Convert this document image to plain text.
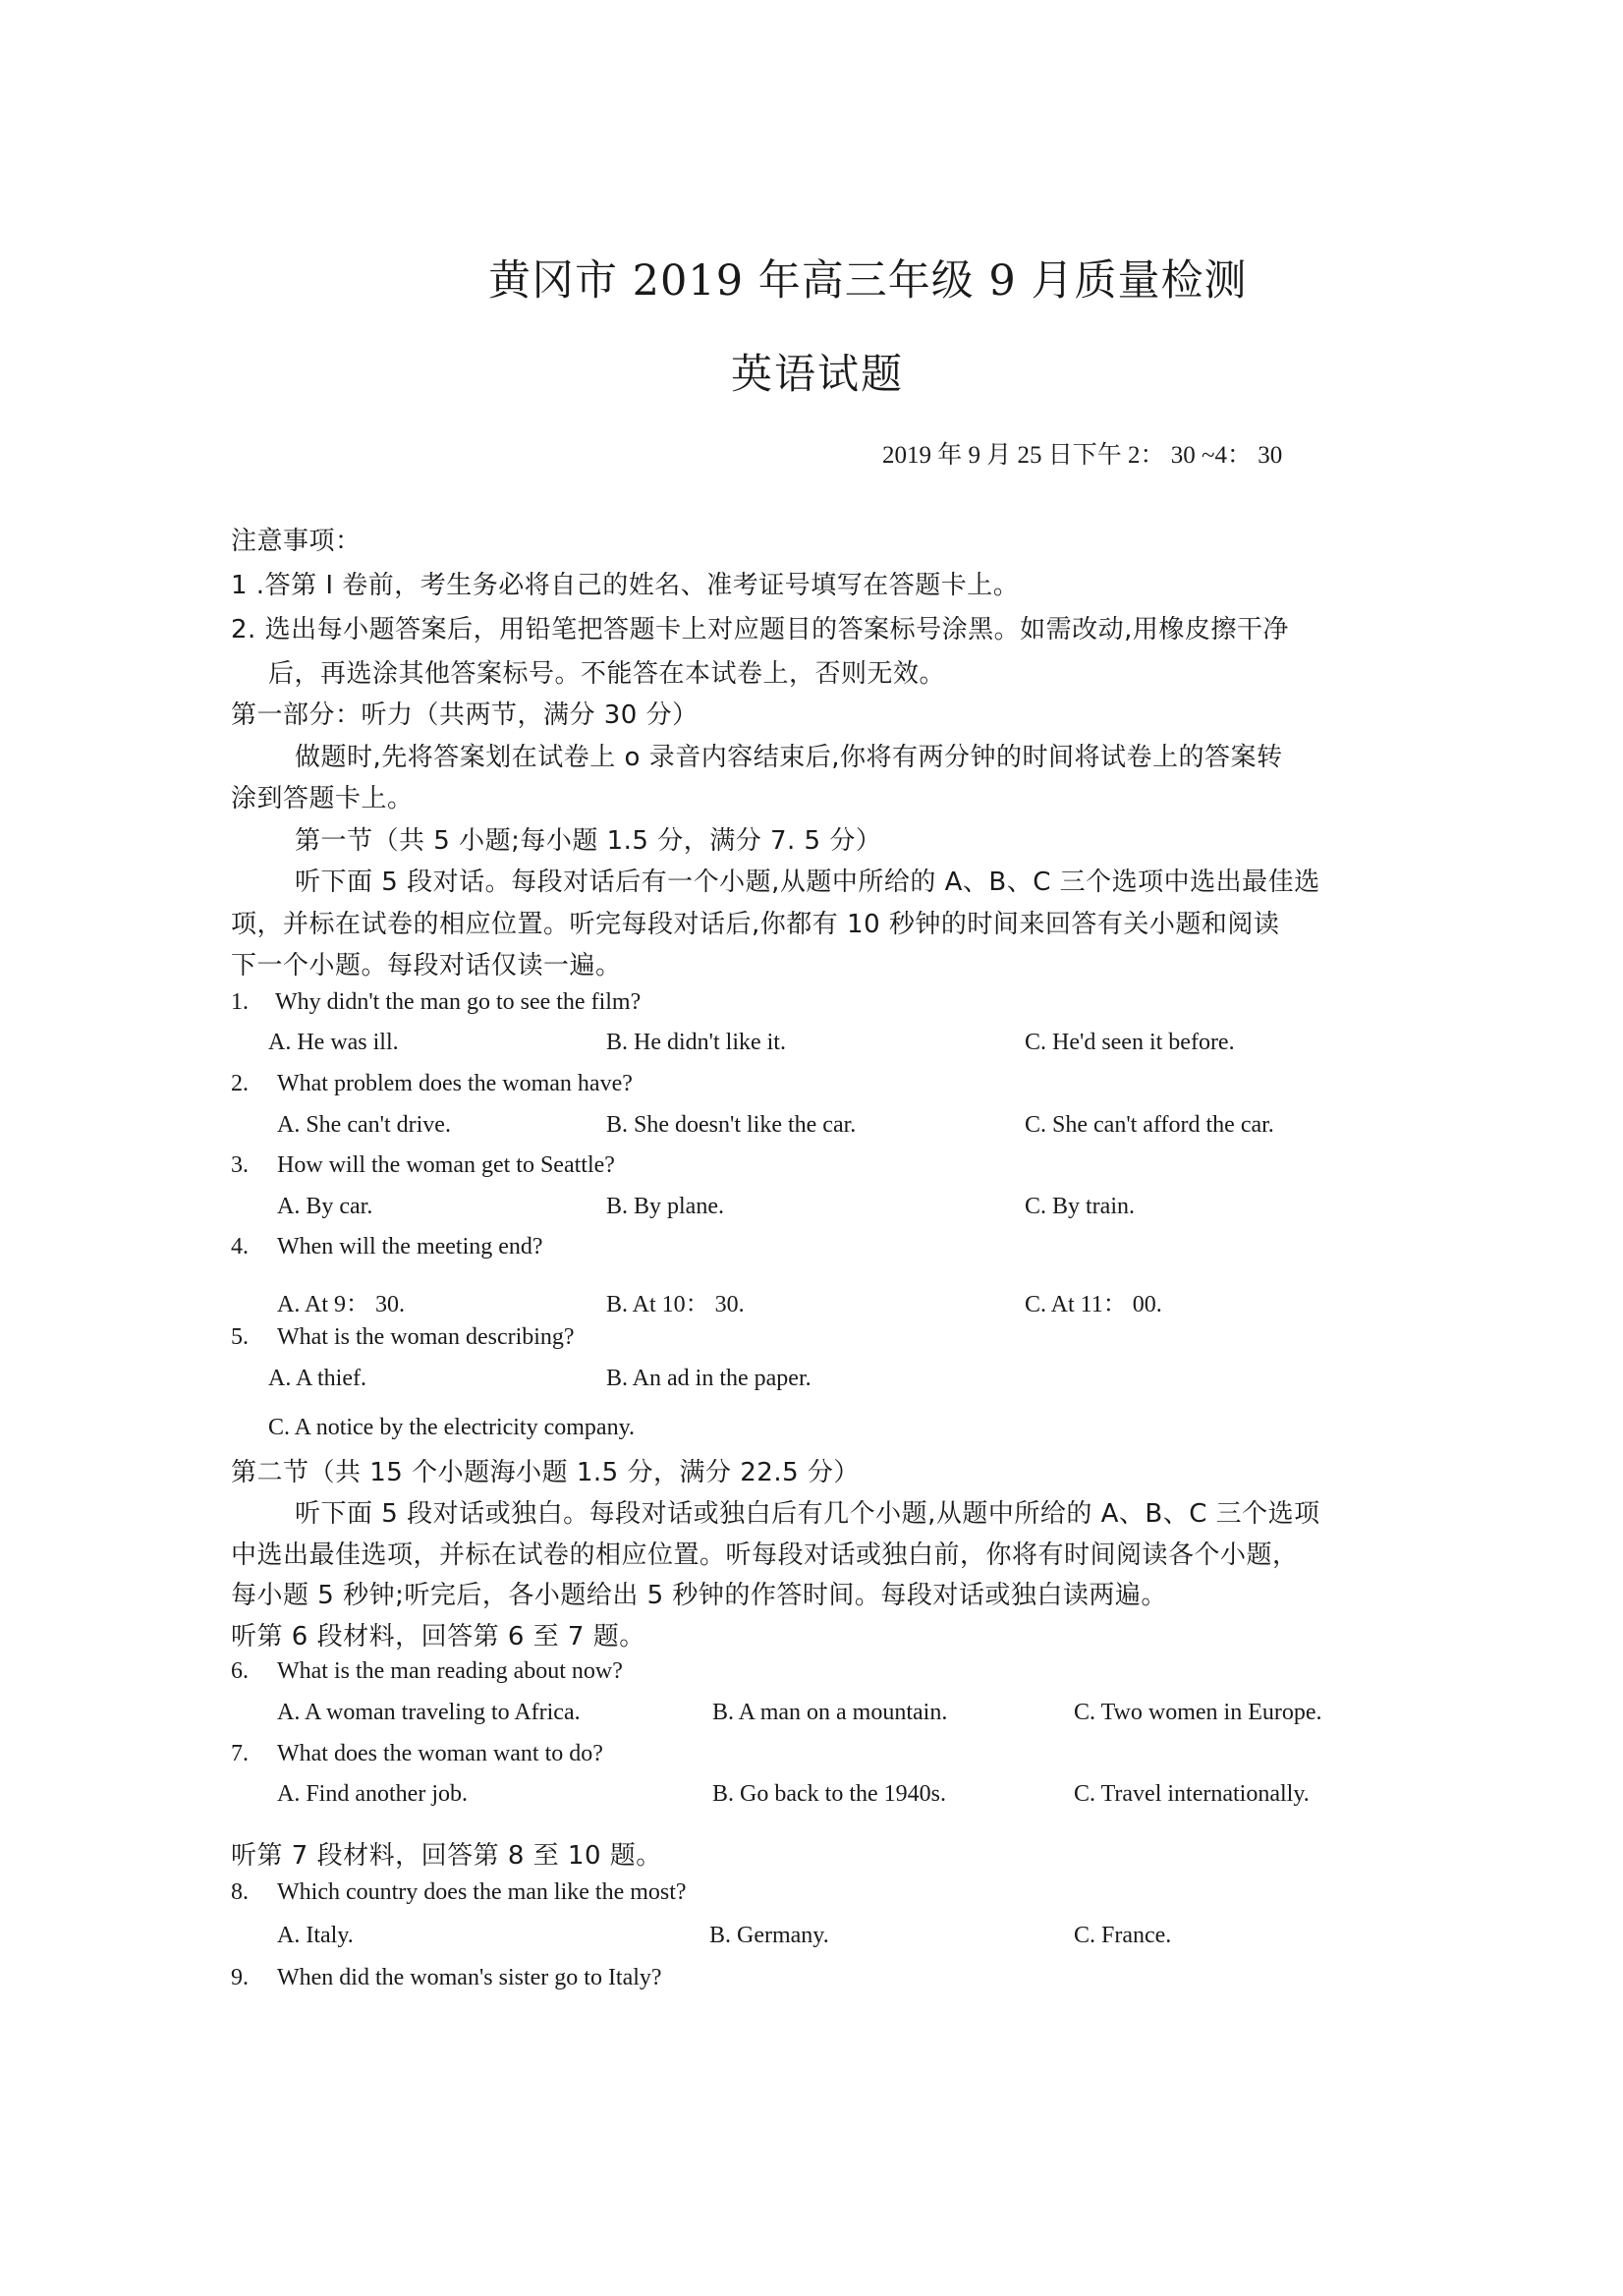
黄冈市 2019 年高三年级 9 月质量检测
英语试题
2019 年 9 月 25 日下午 2： 30 ~4： 30
注意事项：
1 .答第 I 卷前，考生务必将自己的姓名、准考证号填写在答题卡上。
2. 选出每小题答案后，用铅笔把答题卡上对应题目的答案标号涂黑。如需改动,用橡皮擦干净
后，再选涂其他答案标号。不能答在本试卷上，否则无效。
第一部分：听力（共两节，满分 30 分）
做题时,先将答案划在试卷上 o 录音内容结束后,你将有两分钟的时间将试卷上的答案转
涂到答题卡上。
第一节（共 5 小题;每小题 1.5 分，满分 7. 5 分）
听下面 5 段对话。每段对话后有一个小题,从题中所给的 A、B、C 三个选项中选出最佳选
项，并标在试卷的相应位置。听完每段对话后,你都有 10 秒钟的时间来回答有关小题和阅读
下一个小题。每段对话仅读一遍。
1. Why didn't the man go to see the film?
A. He was ill.	B. He didn't like it.	C. He'd seen it before.
2. What problem does the woman have?
A. She can't drive.	B. She doesn't like the car.	C. She can't afford the car.
3. How will the woman get to Seattle?
A. By car.	B. By plane.	C. By train.
4. When will the meeting end?
A. At 9： 30.	B. At 10： 30.	C. At 11： 00.
5. What is the woman describing?
A. A thief.	B. An ad in the paper.
C. A notice by the electricity company.
第二节（共 15 个小题海小题 1.5 分，满分 22.5 分）
听下面 5 段对话或独白。每段对话或独白后有几个小题,从题中所给的 A、B、C 三个选项
中选出最佳选项，并标在试卷的相应位置。听每段对话或独白前，你将有时间阅读各个小题，
每小题 5 秒钟;听完后，各小题给出 5 秒钟的作答时间。每段对话或独白读两遍。
听第 6 段材料，回答第 6 至 7 题。
6. What is the man reading about now?
A. A woman traveling to Africa.	B. A man on a mountain.	C. Two women in Europe.
7. What does the woman want to do?
A. Find another job.	B. Go back to the 1940s.	C. Travel internationally.
听第 7 段材料，回答第 8 至 10 题。
8. Which country does the man like the most?
A. Italy.	B. Germany.	C. France.
9. When did the woman's sister go to Italy?
